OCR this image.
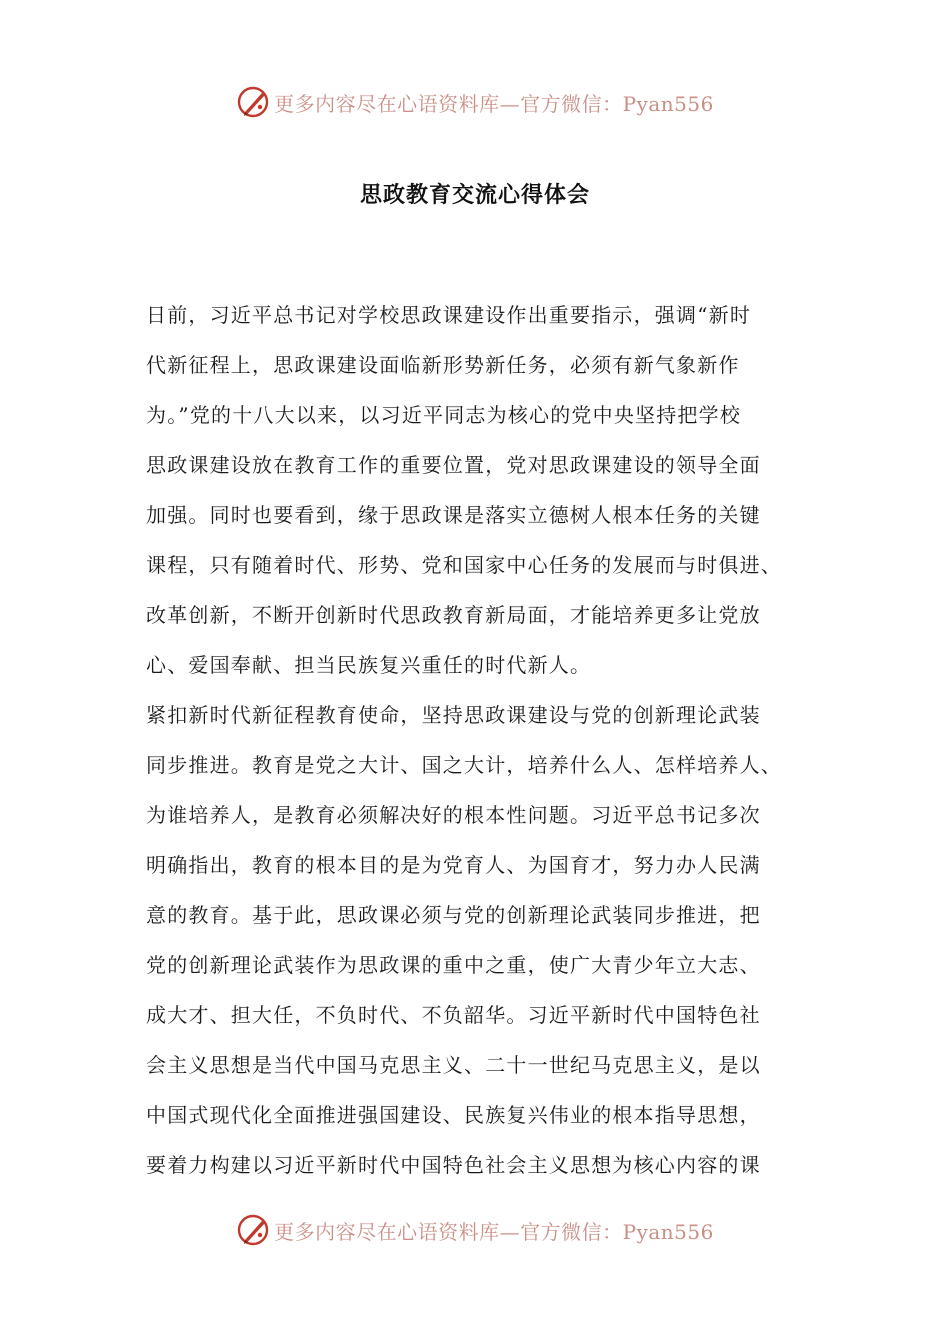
更多内容尽在心语资料库—官方微信：Pyan556
思政教育交流心得体会
日前，习近平总书记对学校思政课建设作出重要指示，强调“新时
代新征程上，思政课建设面临新形势新任务，必须有新气象新作
为。”党的十八大以来，以习近平同志为核心的党中央坚持把学校
思政课建设放在教育工作的重要位置，党对思政课建设的领导全面
加强。同时也要看到，缘于思政课是落实立德树人根本任务的关键
课程，只有随着时代、形势、党和国家中心任务的发展而与时俱进、
改革创新，不断开创新时代思政教育新局面，才能培养更多让党放
心、爱国奉献、担当民族复兴重任的时代新人。
紧扣新时代新征程教育使命，坚持思政课建设与党的创新理论武装
同步推进。教育是党之大计、国之大计，培养什么人、怎样培养人、
为谁培养人，是教育必须解决好的根本性问题。习近平总书记多次
明确指出，教育的根本目的是为党育人、为国育才，努力办人民满
意的教育。基于此，思政课必须与党的创新理论武装同步推进，把
党的创新理论武装作为思政课的重中之重，使广大青少年立大志、
成大才、担大任，不负时代、不负韶华。习近平新时代中国特色社
会主义思想是当代中国马克思主义、二十一世纪马克思主义，是以
中国式现代化全面推进强国建设、民族复兴伟业的根本指导思想，
要着力构建以习近平新时代中国特色社会主义思想为核心内容的课
更多内容尽在心语资料库—官方微信：Pyan556
